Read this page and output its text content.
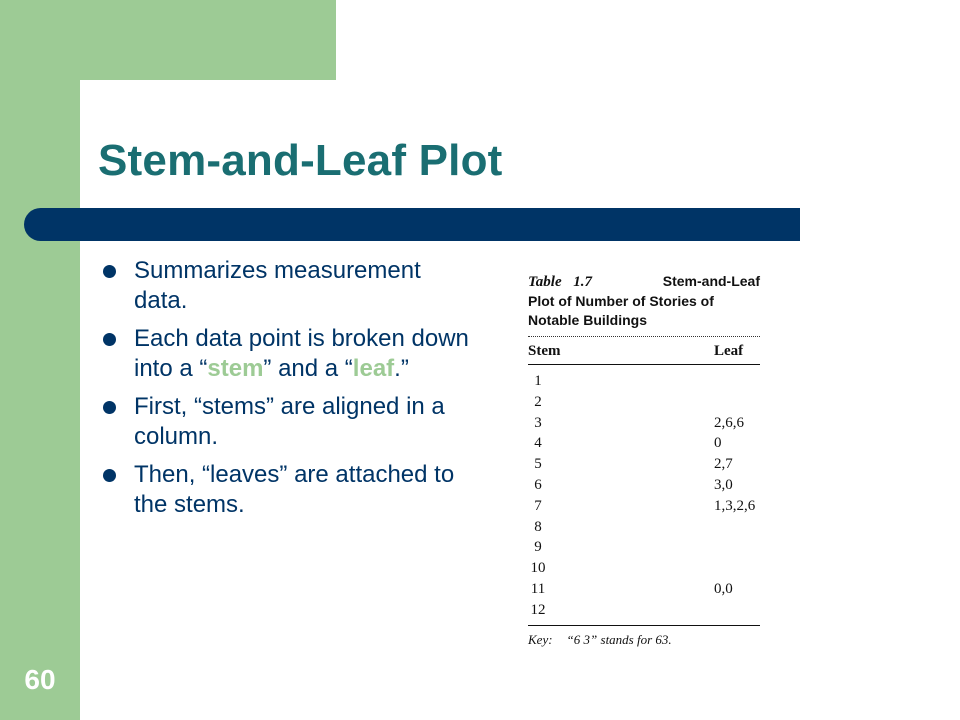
Stem-and-Leaf Plot
Summarizes measurement data.
Each data point is broken down into a “stem” and a “leaf.”
First, “stems” are aligned in a column.
Then, “leaves” are attached to the stems.
Table 1.7	Stem-and-Leaf
Plot of Number of Stories of
Notable Buildings
Stem	Leaf
1
2
3	2,6,6
4	0
5	2,7
6	3,0
7	1,3,2,6
8
9
10
11	0,0
12
Key: “6 3” stands for 63.
60
